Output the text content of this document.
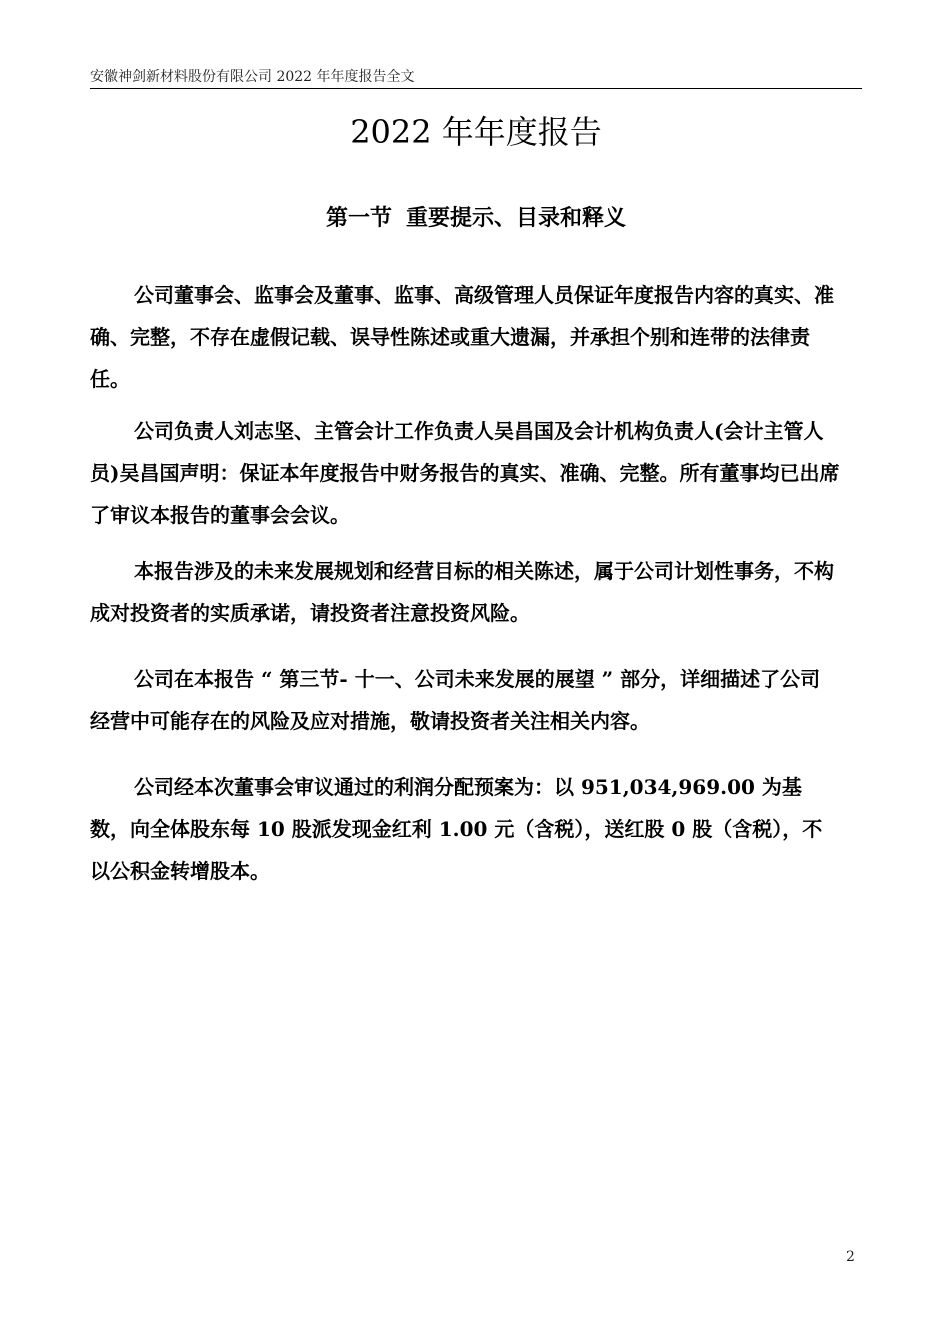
安徽神剑新材料股份有限公司 2022 年年度报告全文
2022 年年度报告
第一节 重要提示、目录和释义

公司董事会、监事会及董事、监事、高级管理人员保证年度报告内容的真实、准确、完整，不存在虚假记载、误导性陈述或重大遗漏，并承担个别和连带的法律责任。

公司负责人刘志坚、主管会计工作负责人吴昌国及会计机构负责人(会计主管人员)吴昌国声明：保证本年度报告中财务报告的真实、准确、完整。所有董事均已出席了审议本报告的董事会会议。

本报告涉及的未来发展规划和经营目标的相关陈述，属于公司计划性事务，不构成对投资者的实质承诺，请投资者注意投资风险。

公司在本报告 “ 第三节- 十一、公司未来发展的展望 ” 部分，详细描述了公司经营中可能存在的风险及应对措施，敬请投资者关注相关内容。

公司经本次董事会审议通过的利润分配预案为：以 951,034,969.00 为基数，向全体股东每 10 股派发现金红利 1.00 元（含税），送红股 0 股（含税），不以公积金转增股本。

2
